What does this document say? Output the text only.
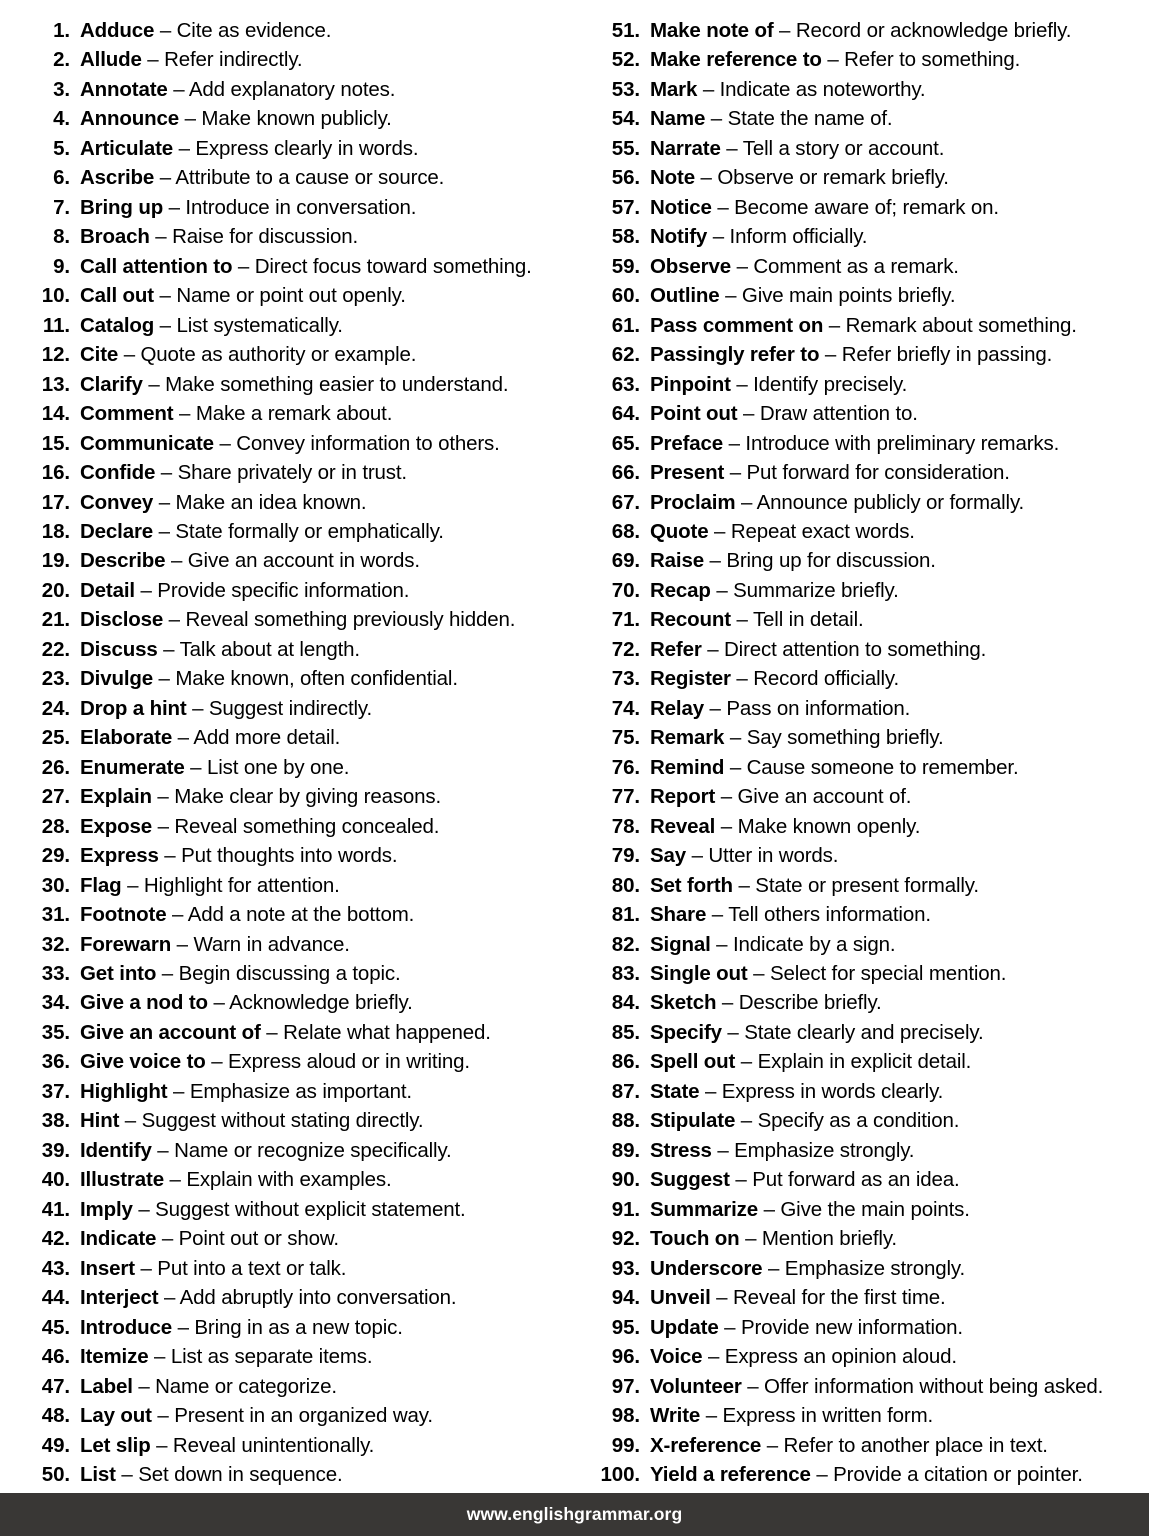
1. Adduce – Cite as evidence.
2. Allude – Refer indirectly.
3. Annotate – Add explanatory notes.
4. Announce – Make known publicly.
5. Articulate – Express clearly in words.
6. Ascribe – Attribute to a cause or source.
7. Bring up – Introduce in conversation.
8. Broach – Raise for discussion.
9. Call attention to – Direct focus toward something.
10. Call out – Name or point out openly.
11. Catalog – List systematically.
12. Cite – Quote as authority or example.
13. Clarify – Make something easier to understand.
14. Comment – Make a remark about.
15. Communicate – Convey information to others.
16. Confide – Share privately or in trust.
17. Convey – Make an idea known.
18. Declare – State formally or emphatically.
19. Describe – Give an account in words.
20. Detail – Provide specific information.
21. Disclose – Reveal something previously hidden.
22. Discuss – Talk about at length.
23. Divulge – Make known, often confidential.
24. Drop a hint – Suggest indirectly.
25. Elaborate – Add more detail.
26. Enumerate – List one by one.
27. Explain – Make clear by giving reasons.
28. Expose – Reveal something concealed.
29. Express – Put thoughts into words.
30. Flag – Highlight for attention.
31. Footnote – Add a note at the bottom.
32. Forewarn – Warn in advance.
33. Get into – Begin discussing a topic.
34. Give a nod to – Acknowledge briefly.
35. Give an account of – Relate what happened.
36. Give voice to – Express aloud or in writing.
37. Highlight – Emphasize as important.
38. Hint – Suggest without stating directly.
39. Identify – Name or recognize specifically.
40. Illustrate – Explain with examples.
41. Imply – Suggest without explicit statement.
42. Indicate – Point out or show.
43. Insert – Put into a text or talk.
44. Interject – Add abruptly into conversation.
45. Introduce – Bring in as a new topic.
46. Itemize – List as separate items.
47. Label – Name or categorize.
48. Lay out – Present in an organized way.
49. Let slip – Reveal unintentionally.
50. List – Set down in sequence.
51. Make note of – Record or acknowledge briefly.
52. Make reference to – Refer to something.
53. Mark – Indicate as noteworthy.
54. Name – State the name of.
55. Narrate – Tell a story or account.
56. Note – Observe or remark briefly.
57. Notice – Become aware of; remark on.
58. Notify – Inform officially.
59. Observe – Comment as a remark.
60. Outline – Give main points briefly.
61. Pass comment on – Remark about something.
62. Passingly refer to – Refer briefly in passing.
63. Pinpoint – Identify precisely.
64. Point out – Draw attention to.
65. Preface – Introduce with preliminary remarks.
66. Present – Put forward for consideration.
67. Proclaim – Announce publicly or formally.
68. Quote – Repeat exact words.
69. Raise – Bring up for discussion.
70. Recap – Summarize briefly.
71. Recount – Tell in detail.
72. Refer – Direct attention to something.
73. Register – Record officially.
74. Relay – Pass on information.
75. Remark – Say something briefly.
76. Remind – Cause someone to remember.
77. Report – Give an account of.
78. Reveal – Make known openly.
79. Say – Utter in words.
80. Set forth – State or present formally.
81. Share – Tell others information.
82. Signal – Indicate by a sign.
83. Single out – Select for special mention.
84. Sketch – Describe briefly.
85. Specify – State clearly and precisely.
86. Spell out – Explain in explicit detail.
87. State – Express in words clearly.
88. Stipulate – Specify as a condition.
89. Stress – Emphasize strongly.
90. Suggest – Put forward as an idea.
91. Summarize – Give the main points.
92. Touch on – Mention briefly.
93. Underscore – Emphasize strongly.
94. Unveil – Reveal for the first time.
95. Update – Provide new information.
96. Voice – Express an opinion aloud.
97. Volunteer – Offer information without being asked.
98. Write – Express in written form.
99. X-reference – Refer to another place in text.
100. Yield a reference – Provide a citation or pointer.
www.englishgrammar.org
